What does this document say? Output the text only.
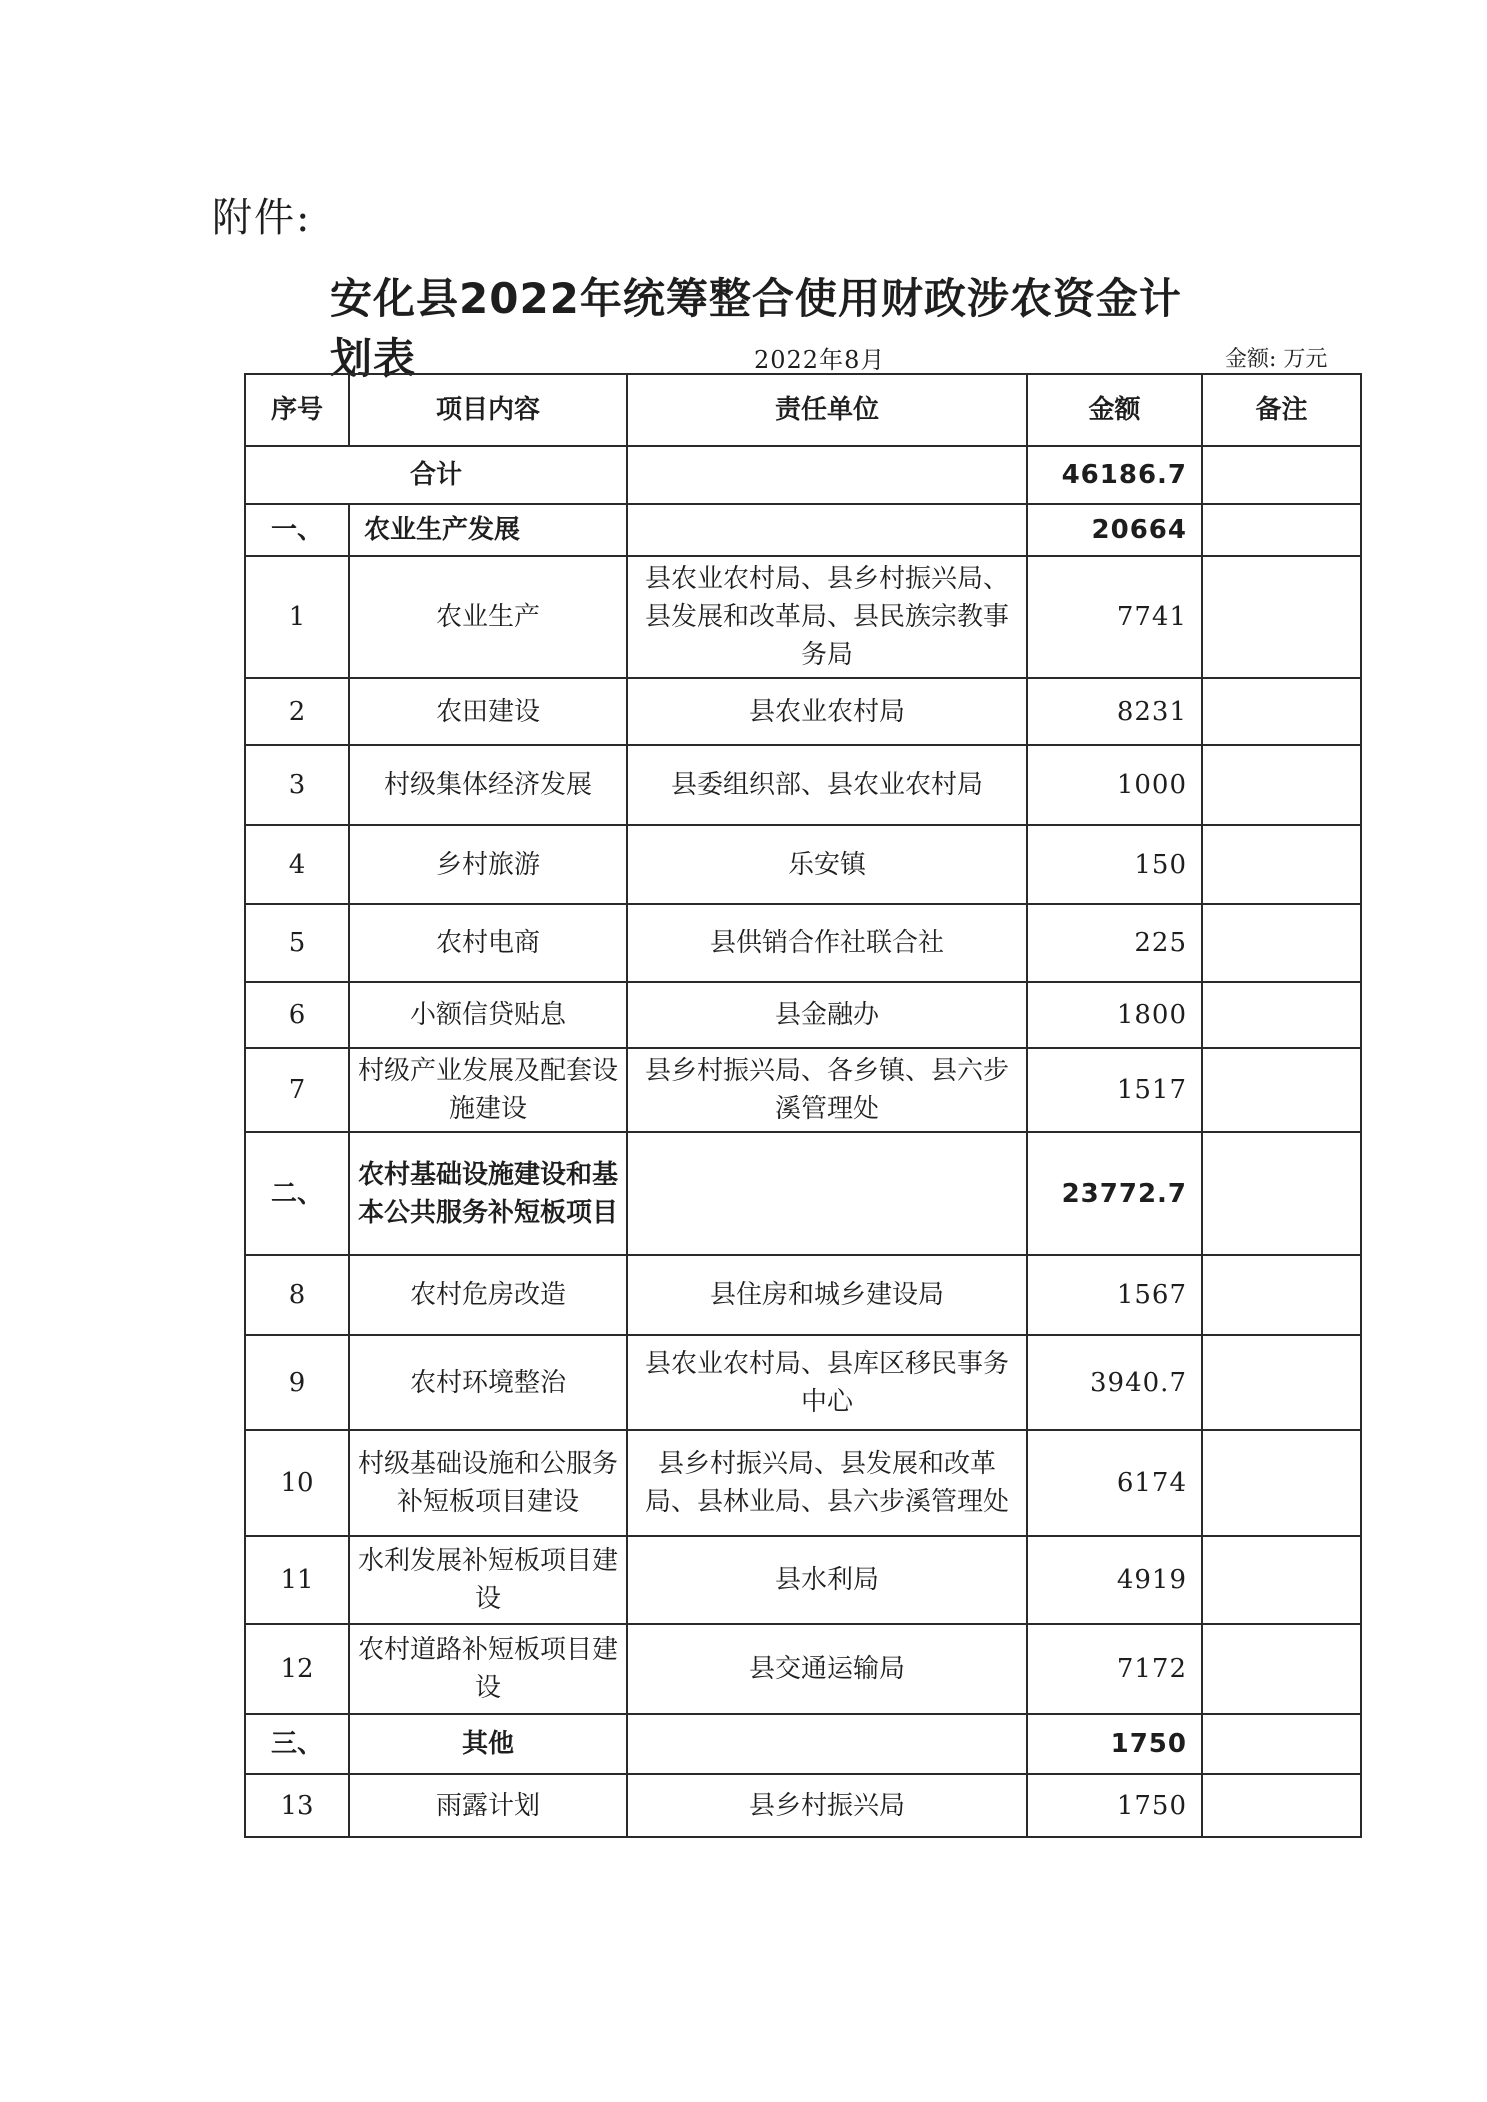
附件:
安化县2022年统筹整合使用财政涉农资金计划表	2022年8月	金额: 万元
序号	项目内容	责任单位	金额	备注
合计			46186.7	
一、	农业生产发展		20664	
1	农业生产	县农业农村局、县乡村振兴局、县发展和改革局、县民族宗教事务局	7741	
2	农田建设	县农业农村局	8231	
3	村级集体经济发展	县委组织部、县农业农村局	1000	
4	乡村旅游	乐安镇	150	
5	农村电商	县供销合作社联合社	225	
6	小额信贷贴息	县金融办	1800	
7	村级产业发展及配套设施建设	县乡村振兴局、各乡镇、县六步溪管理处	1517	
二、	农村基础设施建设和基本公共服务补短板项目		23772.7	
8	农村危房改造	县住房和城乡建设局	1567	
9	农村环境整治	县农业农村局、县库区移民事务中心	3940.7	
10	村级基础设施和公服务补短板项目建设	县乡村振兴局、县发展和改革局、县林业局、县六步溪管理处	6174	
11	水利发展补短板项目建设	县水利局	4919	
12	农村道路补短板项目建设	县交通运输局	7172	
三、	其他		1750	
13	雨露计划	县乡村振兴局	1750	
